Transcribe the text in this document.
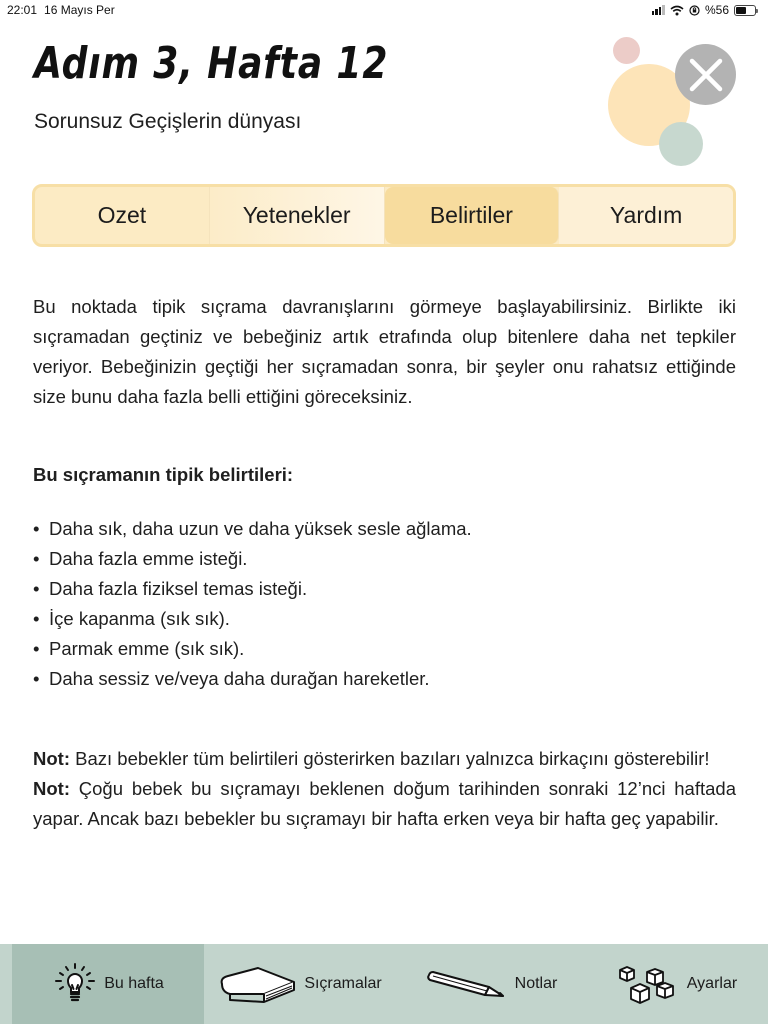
22:01 16 Mayıs Per	%56
Adım 3, Hafta 12
Sorunsuz Geçişlerin dünyası
Ozet	Yetenekler	Belirtiler	Yardım

Bu noktada tipik sıçrama davranışlarını görmeye başlayabilirsiniz. Birlikte iki sıçramadan geçtiniz ve bebeğiniz artık etrafında olup bitenlere daha net tepkiler veriyor. Bebeğinizin geçtiği her sıçramadan sonra, bir şeyler onu rahatsız ettiğinde size bunu daha fazla belli ettiğini göreceksiniz.

Bu sıçramanın tipik belirtileri:

• Daha sık, daha uzun ve daha yüksek sesle ağlama.
• Daha fazla emme isteği.
• Daha fazla fiziksel temas isteği.
• İçe kapanma (sık sık).
• Parmak emme (sık sık).
• Daha sessiz ve/veya daha durağan hareketler.

Not: Bazı bebekler tüm belirtileri gösterirken bazıları yalnızca birkaçını gösterebilir!

Not: Çoğu bebek bu sıçramayı beklenen doğum tarihinden sonraki 12’nci haftada yapar. Ancak bazı bebekler bu sıçramayı bir hafta erken veya bir hafta geç yapabilir.

Bu hafta	Sıçramalar	Notlar	Ayarlar
